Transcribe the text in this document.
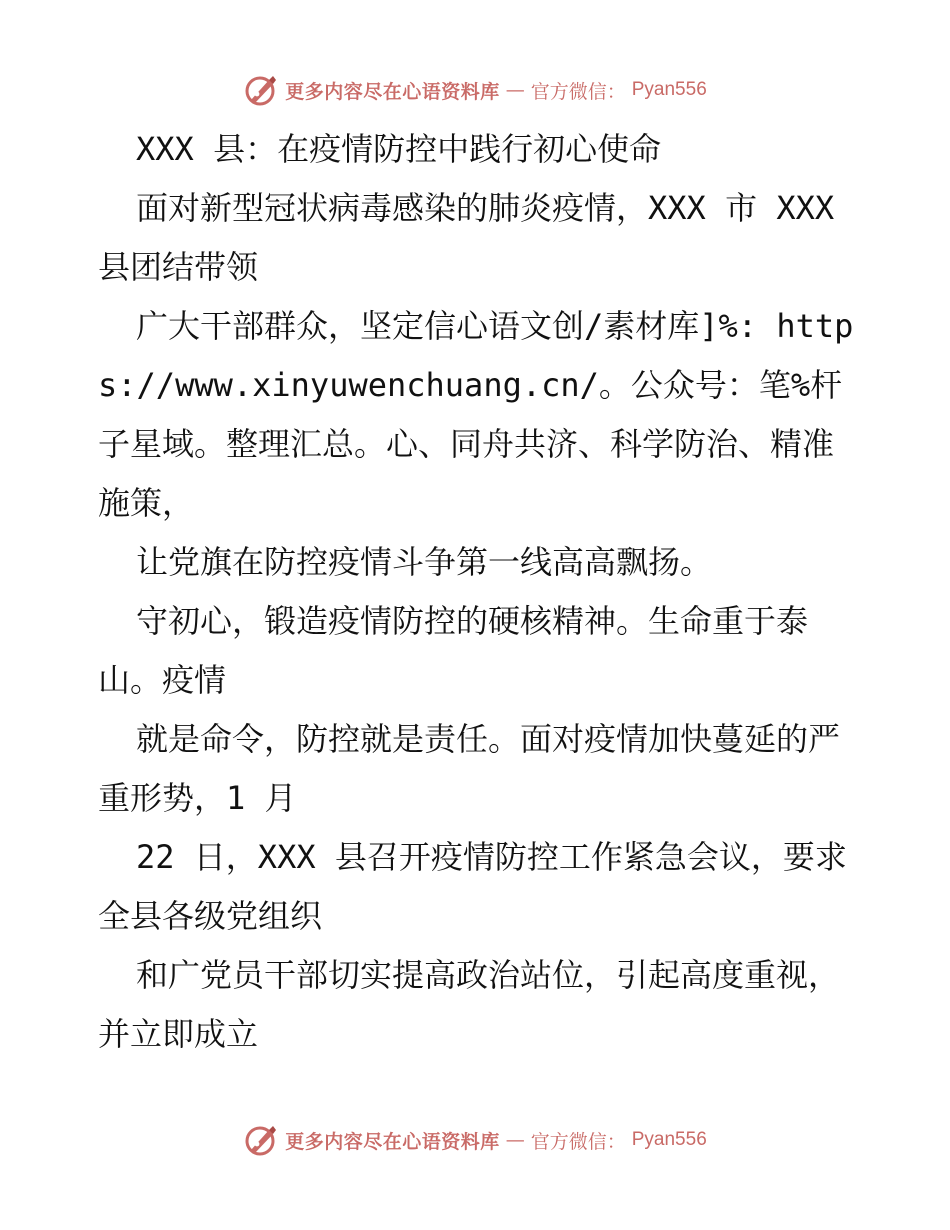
更多内容尽在心语资料库 — 官方微信： Pyan556

XXX 县：在疫情防控中践行初心使命

面对新型冠状病毒感染的肺炎疫情，XXX 市 XXX 县团结带领

广大干部群众，坚定信心语文创/素材库]%: https://www.xinyuwenchuang.cn/。公众号：笔%杆子星域。整理汇总。心、同舟共济、科学防治、精准施策，

让党旗在防控疫情斗争第一线高高飘扬。

守初心，锻造疫情防控的硬核精神。生命重于泰山。疫情

就是命令，防控就是责任。面对疫情加快蔓延的严重形势，1 月

22 日，XXX 县召开疫情防控工作紧急会议，要求全县各级党组织

和广党员干部切实提高政治站位，引起高度重视，并立即成立

更多内容尽在心语资料库 — 官方微信： Pyan556
